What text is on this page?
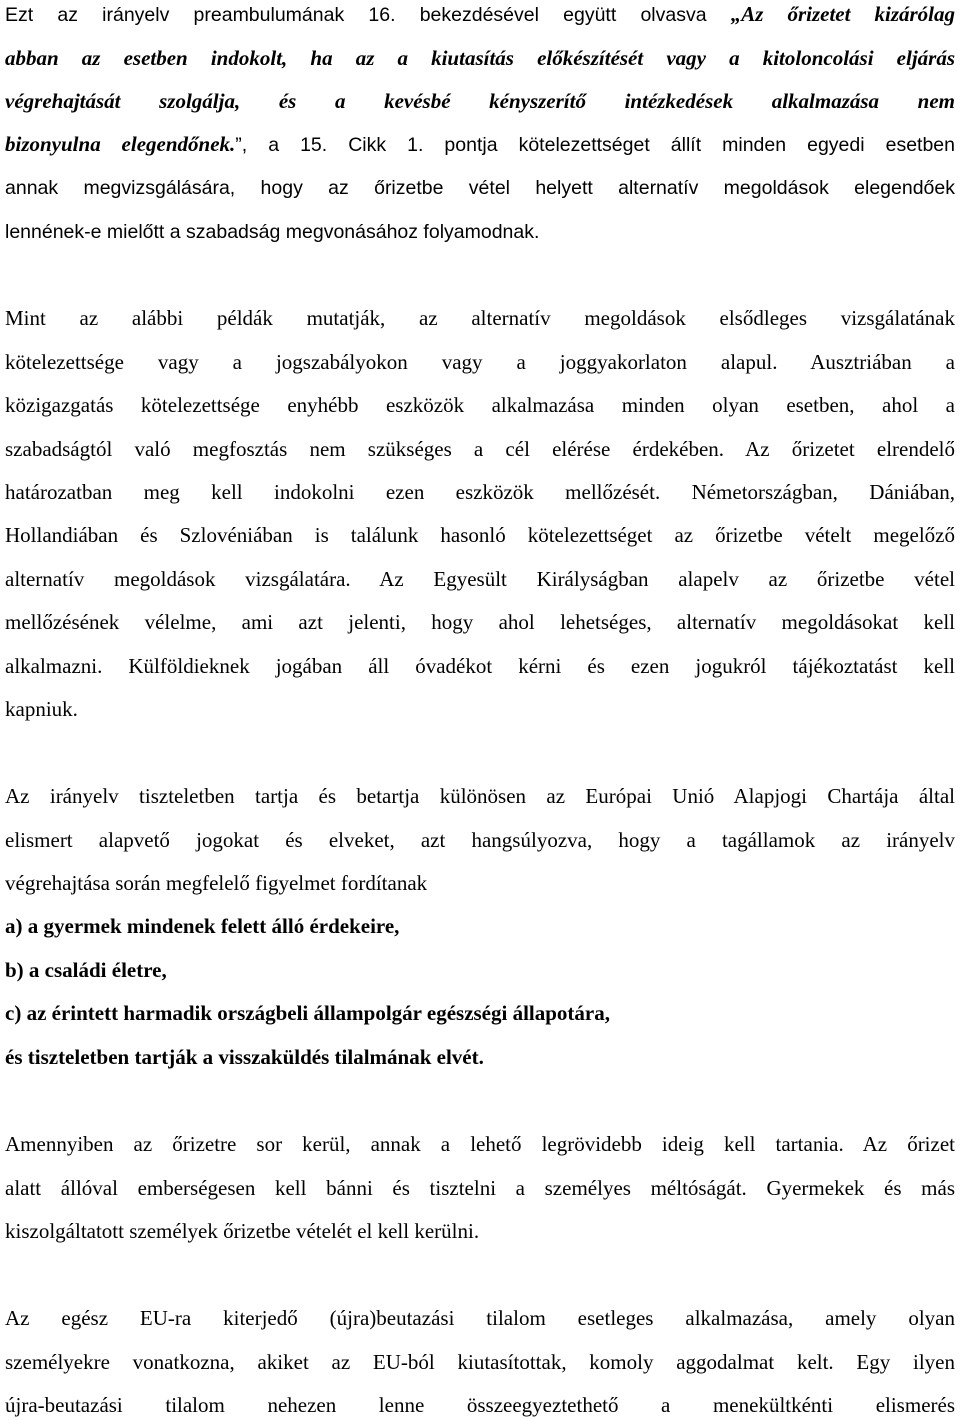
Ezt az irányelv preambulumának 16. bekezdésével együtt olvasva „Az őrizetet kizárólag
abban az esetben indokolt, ha az a kiutasítás előkészítését vagy a kitoloncolási eljárás
végrehajtását szolgálja, és a kevésbé kényszerítő intézkedések alkalmazása nem
bizonyulna elegendőnek.”, a 15. Cikk 1. pontja kötelezettséget állít minden egyedi esetben
annak megvizsgálására, hogy az őrizetbe vétel helyett alternatív megoldások elegendőek
lennének-e mielőtt a szabadság megvonásához folyamodnak.
Mint az alábbi példák mutatják, az alternatív megoldások elsődleges vizsgálatának
kötelezettsége vagy a jogszabályokon vagy a joggyakorlaton alapul. Ausztriában a
közigazgatás kötelezettsége enyhébb eszközök alkalmazása minden olyan esetben, ahol a
szabadságtól való megfosztás nem szükséges a cél elérése érdekében. Az őrizetet elrendelő
határozatban meg kell indokolni ezen eszközök mellőzését. Németországban, Dániában,
Hollandiában és Szlovéniában is találunk hasonló kötelezettséget az őrizetbe vételt megelőző
alternatív megoldások vizsgálatára. Az Egyesült Királyságban alapelv az őrizetbe vétel
mellőzésének vélelme, ami azt jelenti, hogy ahol lehetséges, alternatív megoldásokat kell
alkalmazni. Külföldieknek jogában áll óvadékot kérni és ezen jogukról tájékoztatást kell
kapniuk.
Az irányelv tiszteletben tartja és betartja különösen az Európai Unió Alapjogi Chartája által
elismert alapvető jogokat és elveket, azt hangsúlyozva, hogy a tagállamok az irányelv
végrehajtása során megfelelő figyelmet fordítanak
a) a gyermek mindenek felett álló érdekeire,
b) a családi életre,
c) az érintett harmadik országbeli állampolgár egészségi állapotára,
és tiszteletben tartják a visszaküldés tilalmának elvét.
Amennyiben az őrizetre sor kerül, annak a lehető legrövidebb ideig kell tartania. Az őrizet
alatt állóval emberségesen kell bánni és tisztelni a személyes méltóságát. Gyermekek és más
kiszolgáltatott személyek őrizetbe vételét el kell kerülni.
Az egész EU-ra kiterjedő (újra)beutazási tilalom esetleges alkalmazása, amely olyan
személyekre vonatkozna, akiket az EU-ból kiutasítottak, komoly aggodalmat kelt. Egy ilyen
újra-beutazási tilalom nehezen lenne összeegyeztethető a menekültkénti elismerés
